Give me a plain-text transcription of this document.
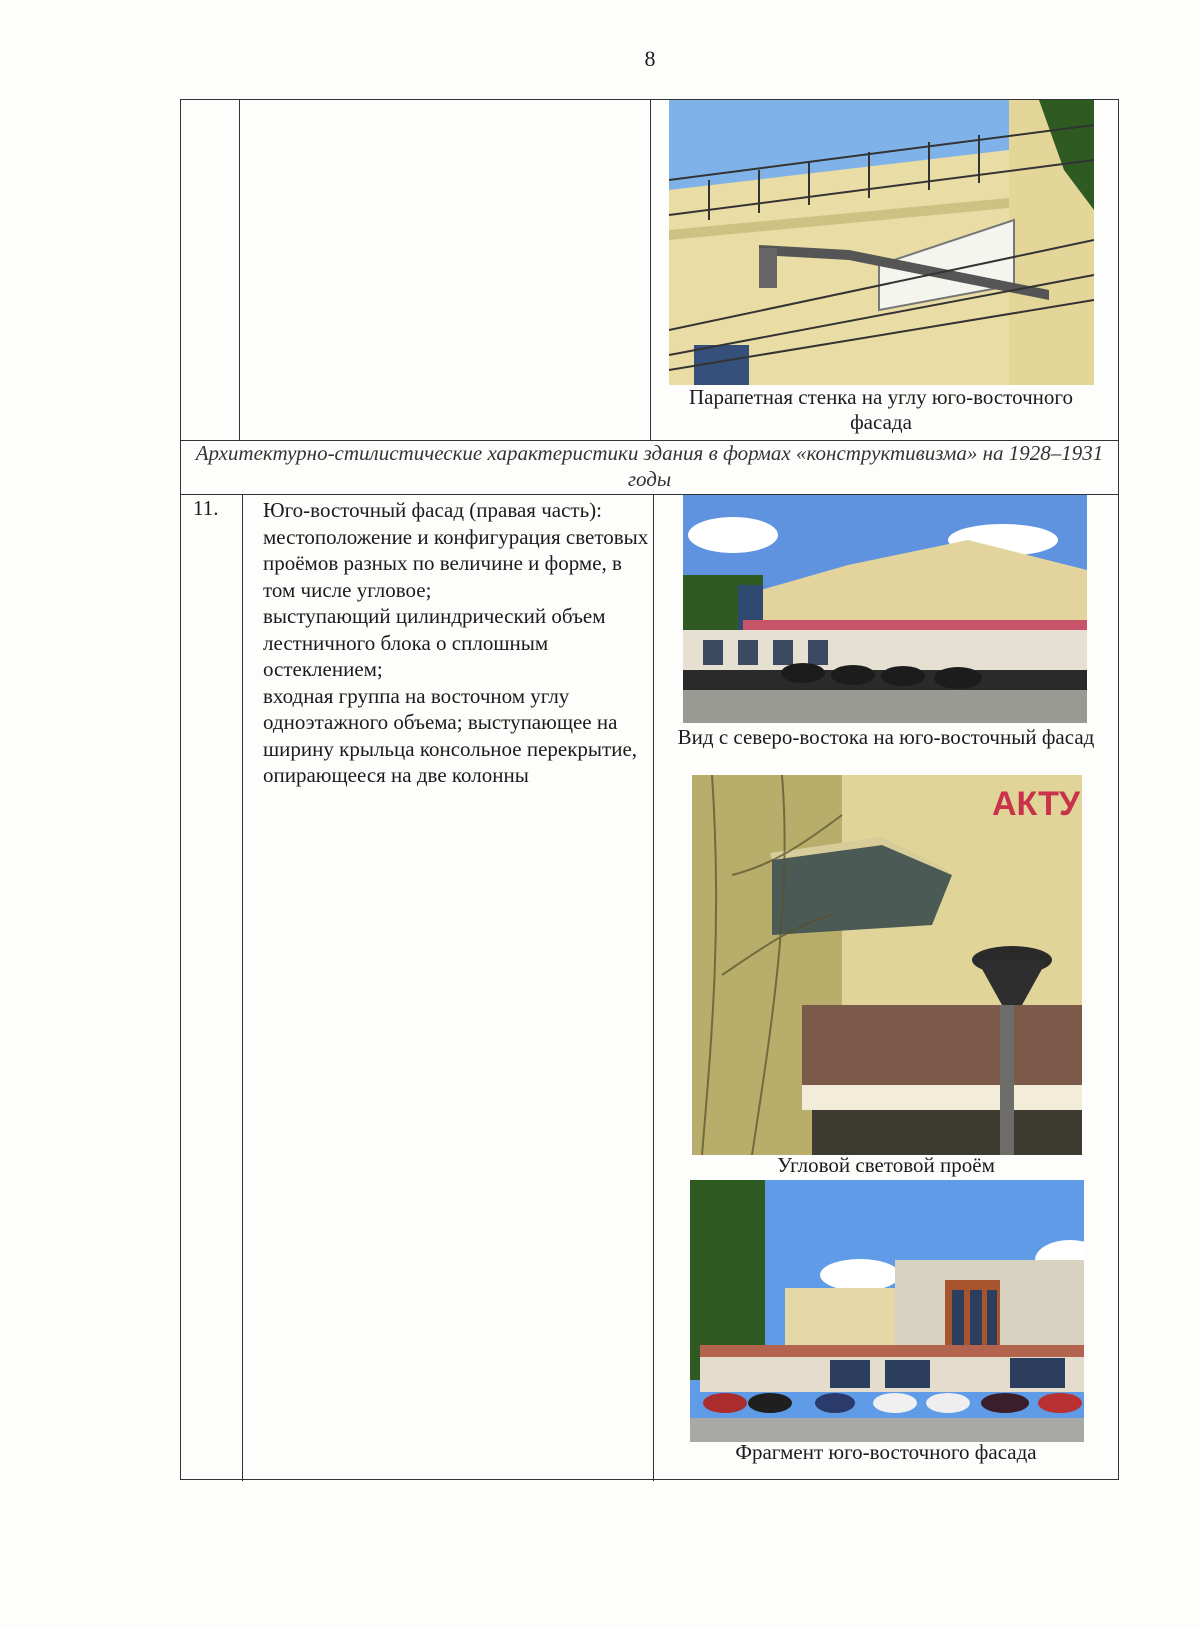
8
Парапетная стенка на углу юго-восточного фасада
Архитектурно-стилистические характеристики здания в формах «конструктивизма» на 1928–1931 годы
11. Юго-восточный фасад (правая часть): местоположение и конфигурация световых проёмов разных по величине и форме, в том числе угловое;
выступающий цилиндрический объем лестничного блока о сплошным остеклением;
входная группа на восточном углу одноэтажного объема; выступающее на ширину крыльца консольное перекрытие, опирающееся на две колонны
Вид с северо-востока на юго-восточный фасад
АКТУ
Угловой световой проём
Фрагмент юго-восточного фасада
